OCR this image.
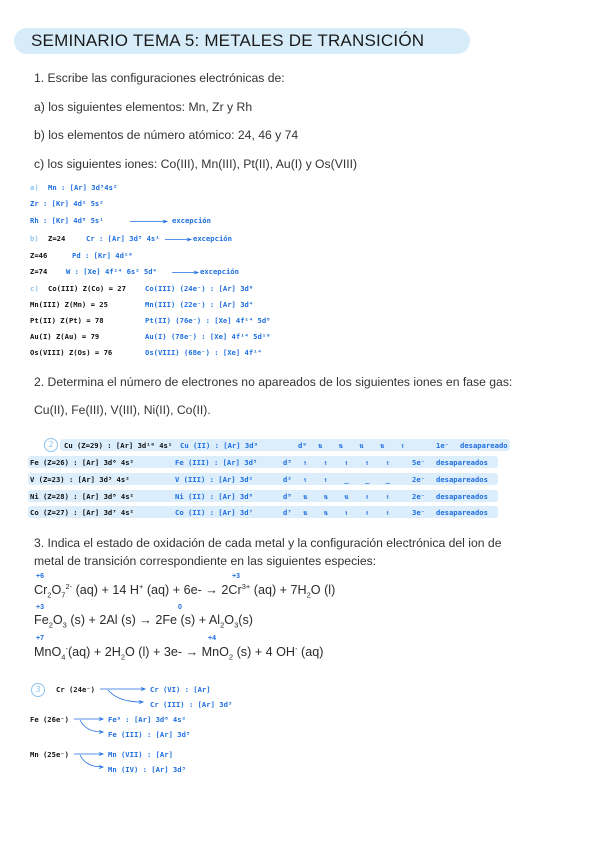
SEMINARIO TEMA 5: METALES DE TRANSICIÓN
1. Escribe las configuraciones electrónicas de:
a) los siguientes elementos: Mn, Zr y Rh
b) los elementos de número atómico: 24, 46 y 74
c) los siguientes iones: Co(III), Mn(III), Pt(II), Au(I) y Os(VIII)
a) Mn : [Ar] 3d⁵4s²
Zr : [Kr] 4d² 5s²
Rh : [Kr] 4d⁸ 5s¹	excepción
b) Z=24	Cr : [Ar] 3d⁵ 4s¹	excepción
Z=46	Pd : [Kr] 4d¹⁰
Z=74	W : [Xe] 4f¹⁴ 6s² 5d⁴	excepción
c) Co(III) Z(Co) = 27	Co(III) (24e⁻) : [Ar] 3d⁶
Mn(III) Z(Mn) = 25	Mn(III) (22e⁻) : [Ar] 3d⁴
Pt(II) Z(Pt) = 78	Pt(II) (76e⁻) : [Xe] 4f¹⁴ 5d⁸
Au(I) Z(Au) = 79	Au(I) (78e⁻) : [Xe] 4f¹⁴ 5d¹⁰
Os(VIII) Z(Os) = 76	Os(VIII) (68e⁻) : [Xe] 4f¹⁴
2. Determina el número de electrones no apareados de los siguientes iones en fase gas:
Cu(II), Fe(III), V(III), Ni(II), Co(II).
2	Cu (Z=29) : [Ar] 3d¹⁰ 4s¹ Cu (II) : [Ar] 3d⁹	d⁹ ⇅ ⇅ ⇅ ⇅ ↿	1e⁻ desapareado
Fe (Z=26) : [Ar] 3d⁶ 4s²	Fe (III) : [Ar] 3d⁵	d⁵ ↿ ↿ ↿ ↿ ↿ 5e⁻ desapareados
V (Z=23) : [Ar] 3d³ 4s²	V (III) : [Ar] 3d²	d² ↿ ↿ _ _ _ 2e⁻ desapareados
Ni (Z=28) : [Ar] 3d⁸ 4s²	Ni (II) : [Ar] 3d⁸	d⁸ ⇅ ⇅ ⇅ ↿ ↿ 2e⁻ desapareados
Co (Z=27) : [Ar] 3d⁷ 4s²	Co (II) : [Ar] 3d⁷	d⁷ ⇅ ⇅ ↿ ↿ ↿ 3e⁻ desapareados
3. Indica el estado de oxidación de cada metal y la configuración electrónica del ion de
metal de transición correspondiente en las siguientes especies:
+6	+3
$Cr_2O_7^{2-}$ (aq) + 14 H+ $(aq) + 6e- \to 2Cr^{3+}$ $(aq) + 7H_2O$ (l)
+3	0
$Fe_2O_3$ (s) + 2Al (s) → 2Fe $(s) + Al_2O_3(s)$
+7	+4
$MnO_4^-(aq) + 2H_2O$ (l) + 3e- → MnO$_2$ (s) + 4 OH- (aq)
3	Cr (24e⁻)	Cr (VI) : [Ar]
Cr (III) : [Ar] 3d³
Fe (26e⁻)	Fe⁰ : [Ar] 3d⁶ 4s²
Fe (III) : [Ar] 3d⁵
Mn (25e⁻)	Mn (VII) : [Ar]
Mn (IV) : [Ar] 3d³
